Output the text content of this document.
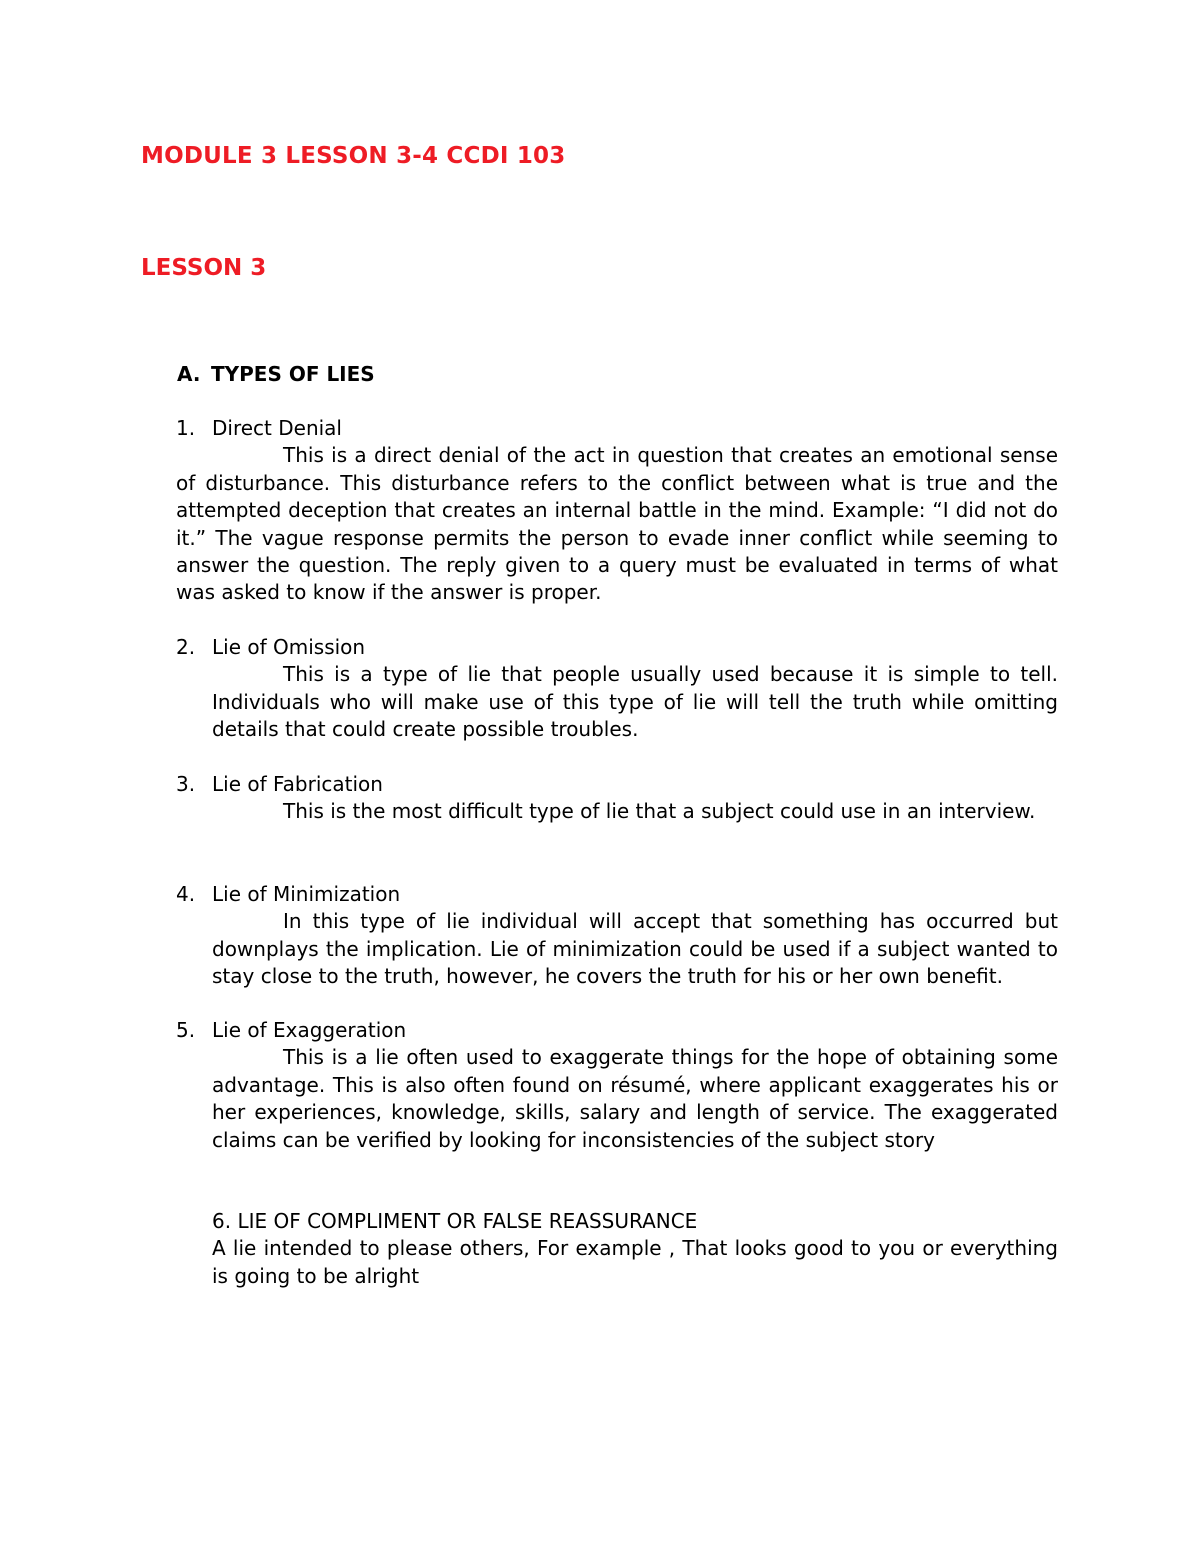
MODULE 3 LESSON 3-4 CCDI 103
LESSON 3
A. TYPES OF LIES
1. Direct Denial
This is a direct denial of the act in question that creates an emotional sense of disturbance. This disturbance refers to the conflict between what is true and the attempted deception that creates an internal battle in the mind. Example: “I did not do it.” The vague response permits the person to evade inner conflict while seeming to answer the question. The reply given to a query must be evaluated in terms of what was asked to know if the answer is proper.
2. Lie of Omission
This is a type of lie that people usually used because it is simple to tell. Individuals who will make use of this type of lie will tell the truth while omitting details that could create possible troubles.
3. Lie of Fabrication
This is the most difficult type of lie that a subject could use in an interview.
4. Lie of Minimization
In this type of lie individual will accept that something has occurred but downplays the implication. Lie of minimization could be used if a subject wanted to stay close to the truth, however, he covers the truth for his or her own benefit.
5. Lie of Exaggeration
This is a lie often used to exaggerate things for the hope of obtaining some advantage. This is also often found on résumé, where applicant exaggerates his or her experiences, knowledge, skills, salary and length of service. The exaggerated claims can be verified by looking for inconsistencies of the subject story
6. LIE OF COMPLIMENT OR FALSE REASSURANCE
A lie intended to please others, For example , That looks good to you or everything is going to be alright
